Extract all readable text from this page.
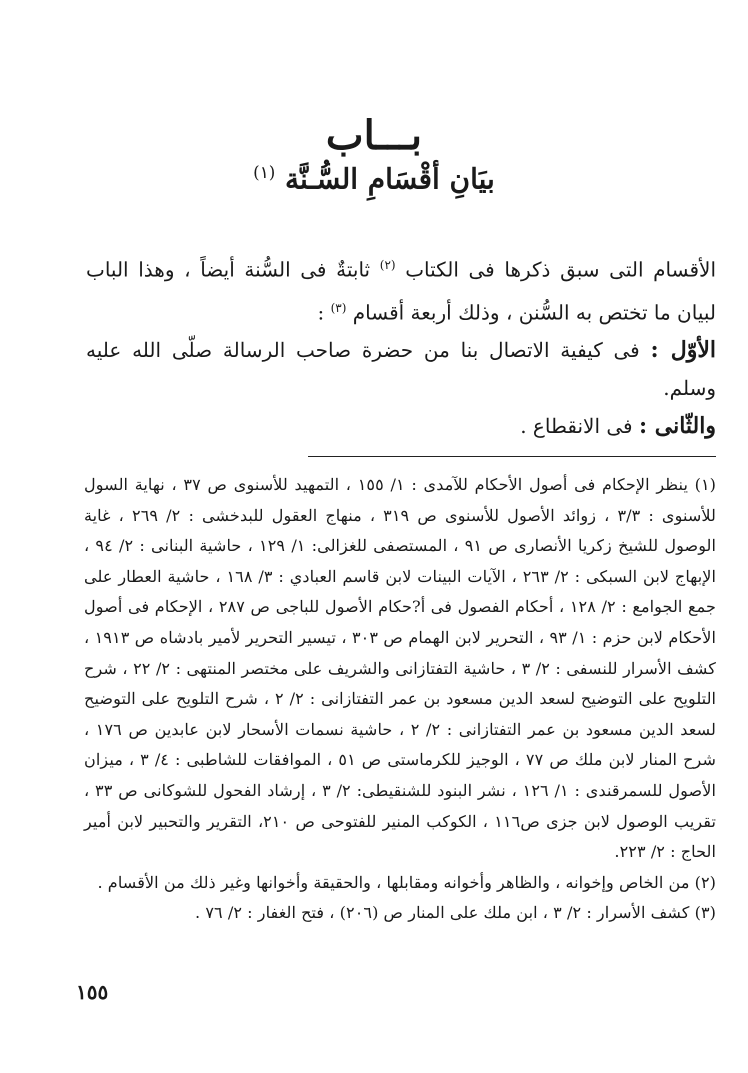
بـــاب
بيَانِ أقْسَامِ السُّـنَّة $^{(١)}$

الأقسام التى سبق ذكرها فى الكتاب $^{(٢)}$ ثابتةٌ فى السُّنة أيضاً ، وهذا الباب لبيان ما تختص به السُّنن ، وذلك أربعة أقسام $^{(٣)}$ :

الأوّل : فى كيفية الاتصال بنا من حضرة صاحب الرسالة صلّى الله عليه وسلم.

والثّانى : فى الانقطاع .

(١) ينظر الإحكام فى أصول الأحكام للآمدى : ١/ ١٥٥ ، التمهيد للأسنوى ص ٣٧ ، نهاية السول للأسنوى : ٣/٣ ، زوائد الأصول للأسنوى ص ٣١٩ ، منهاج العقول للبدخشى : ٢/ ٢٦٩ ، غاية الوصول للشيخ زكريا الأنصارى ص ٩١ ، المستصفى للغزالى: ١/ ١٢٩ ، حاشية البنانى : ٢/ ٩٤ ، الإبهاج لابن السبكى : ٢/ ٢٦٣ ، الآيات البينات لابن قاسم العبادي : ٣/ ١٦٨ ، حاشية العطار على جمع الجوامع : ٢/ ١٢٨ ، أحكام الفصول فى أ?حكام الأصول للباجى ص ٢٨٧ ، الإحكام فى أصول الأحكام لابن حزم : ١/ ٩٣ ، التحرير لابن الهمام ص ٣٠٣ ، تيسير التحرير لأمير بادشاه ص ١٩١٣ ، كشف الأسرار للنسفى : ٢/ ٣ ، حاشية التفتازانى والشريف على مختصر المنتهى : ٢/ ٢٢ ، شرح التلويح على التوضيح لسعد الدين مسعود بن عمر التفتازانى : ٢/ ٢ ، شرح التلويح على التوضيح لسعد الدين مسعود بن عمر التفتازانى : ٢/ ٢ ، حاشية نسمات الأسحار لابن عابدين ص ١٧٦ ، شرح المنار لابن ملك ص ٧٧ ، الوجيز للكرماستى ص ٥١ ، الموافقات للشاطبى : ٤/ ٣ ، ميزان الأصول للسمرقندى : ١/ ١٢٦ ، نشر البنود للشنقيطى: ٢/ ٣ ، إرشاد الفحول للشوكانى ص ٣٣ ، تقريب الوصول لابن جزى ص١١٦ ، الكوكب المنير للفتوحى ص ٢١٠، التقرير والتحبير لابن أمير الحاج : ٢/ ٢٢٣.

(٢) من الخاص وإخوانه ، والظاهر وأخوانه ومقابلها ، والحقيقة وأخوانها وغير ذلك من الأقسام .

(٣) كشف الأسرار : ٢/ ٣ ، ابن ملك على المنار ص (٢٠٦) ، فتح الغفار : ٢/ ٧٦ .

١٥٥
